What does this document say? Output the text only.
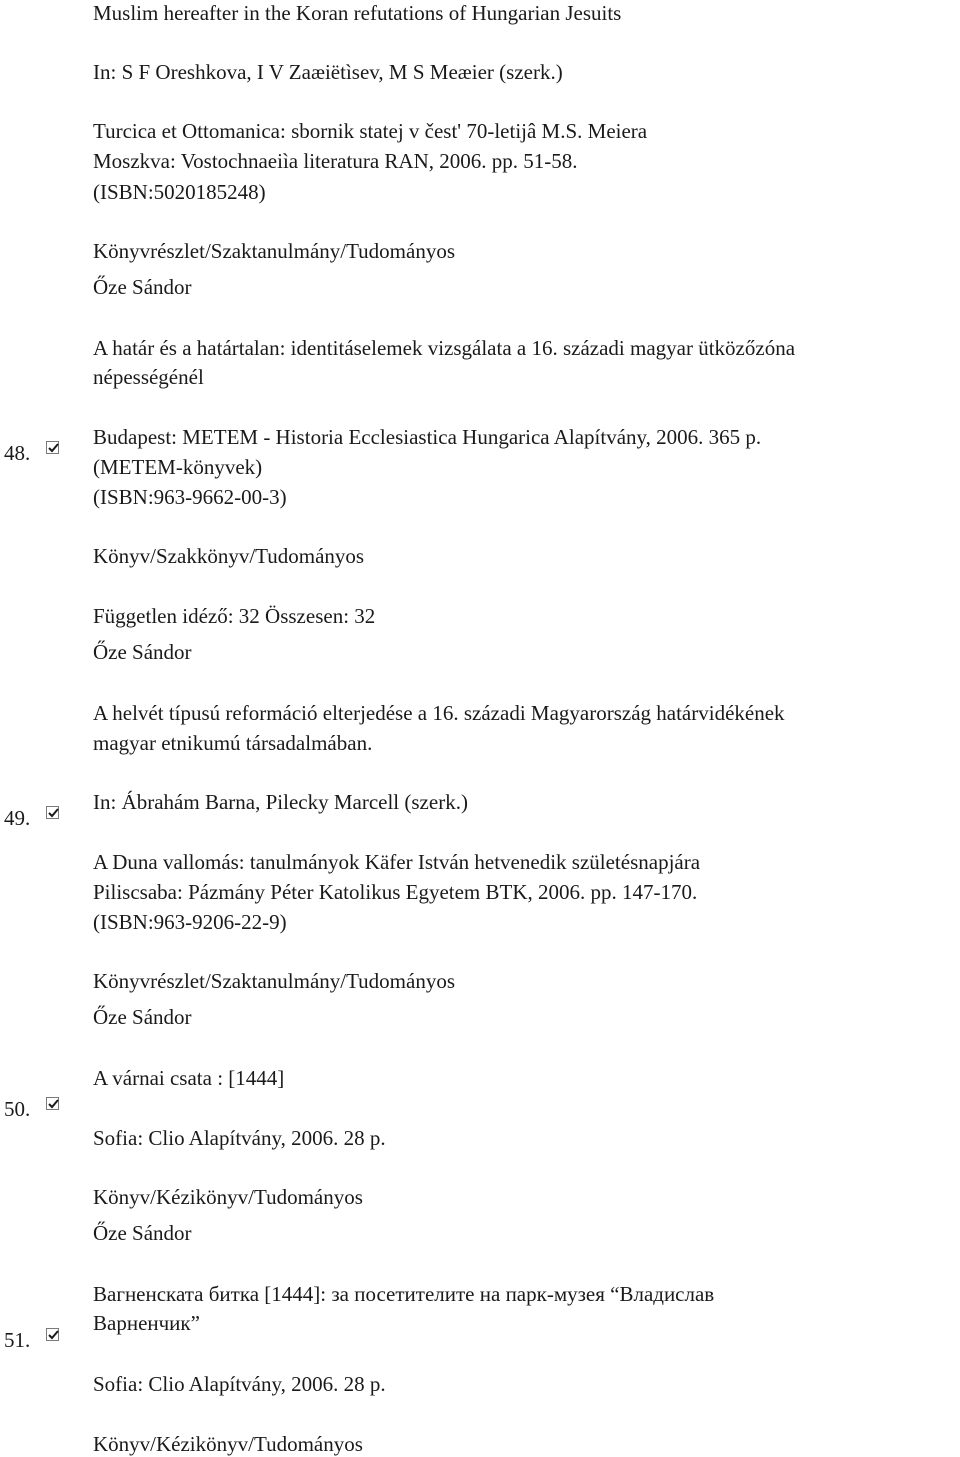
Muslim hereafter in the Koran refutations of Hungarian Jesuits

In: S F Oreshkova, I V Zaæiëtìsev, M S Meæier (szerk.)

Turcica et Ottomanica: sbornik statej v čest' 70-letijâ M.S. Meiera

Moszkva: Vostochnaeiìa literatura RAN, 2006. pp. 51-58.

(ISBN:5020185248)

Könyvrészlet/Szaktanulmány/Tudományos

Őze Sándor

48.

A határ és a határtalan: identitáselemek vizsgálata a 16. századi magyar ütközőzóna

népességénél

Budapest: METEM - Historia Ecclesiastica Hungarica Alapítvány, 2006. 365 p.

(METEM-könyvek)

(ISBN:963-9662-00-3)

Könyv/Szakkönyv/Tudományos

Független idéző: 32 Összesen: 32

Őze Sándor

49.

A helvét típusú reformáció elterjedése a 16. századi Magyarország határvidékének

magyar etnikumú társadalmában.

In: Ábrahám Barna, Pilecky Marcell (szerk.)

A Duna vallomás: tanulmányok Käfer István hetvenedik születésnapjára

Piliscsaba: Pázmány Péter Katolikus Egyetem BTK, 2006. pp. 147-170.

(ISBN:963-9206-22-9)

Könyvrészlet/Szaktanulmány/Tudományos

Őze Sándor

50.

A várnai csata : [1444]

Sofia: Clio Alapítvány, 2006. 28 p.

Könyv/Kézikönyv/Tudományos

Őze Sándor

51.

Вагненската битка [1444]: за посетителите на парк-музея “Владислав

Варненчик”

Sofia: Clio Alapítvány, 2006. 28 p.

Könyv/Kézikönyv/Tudományos
